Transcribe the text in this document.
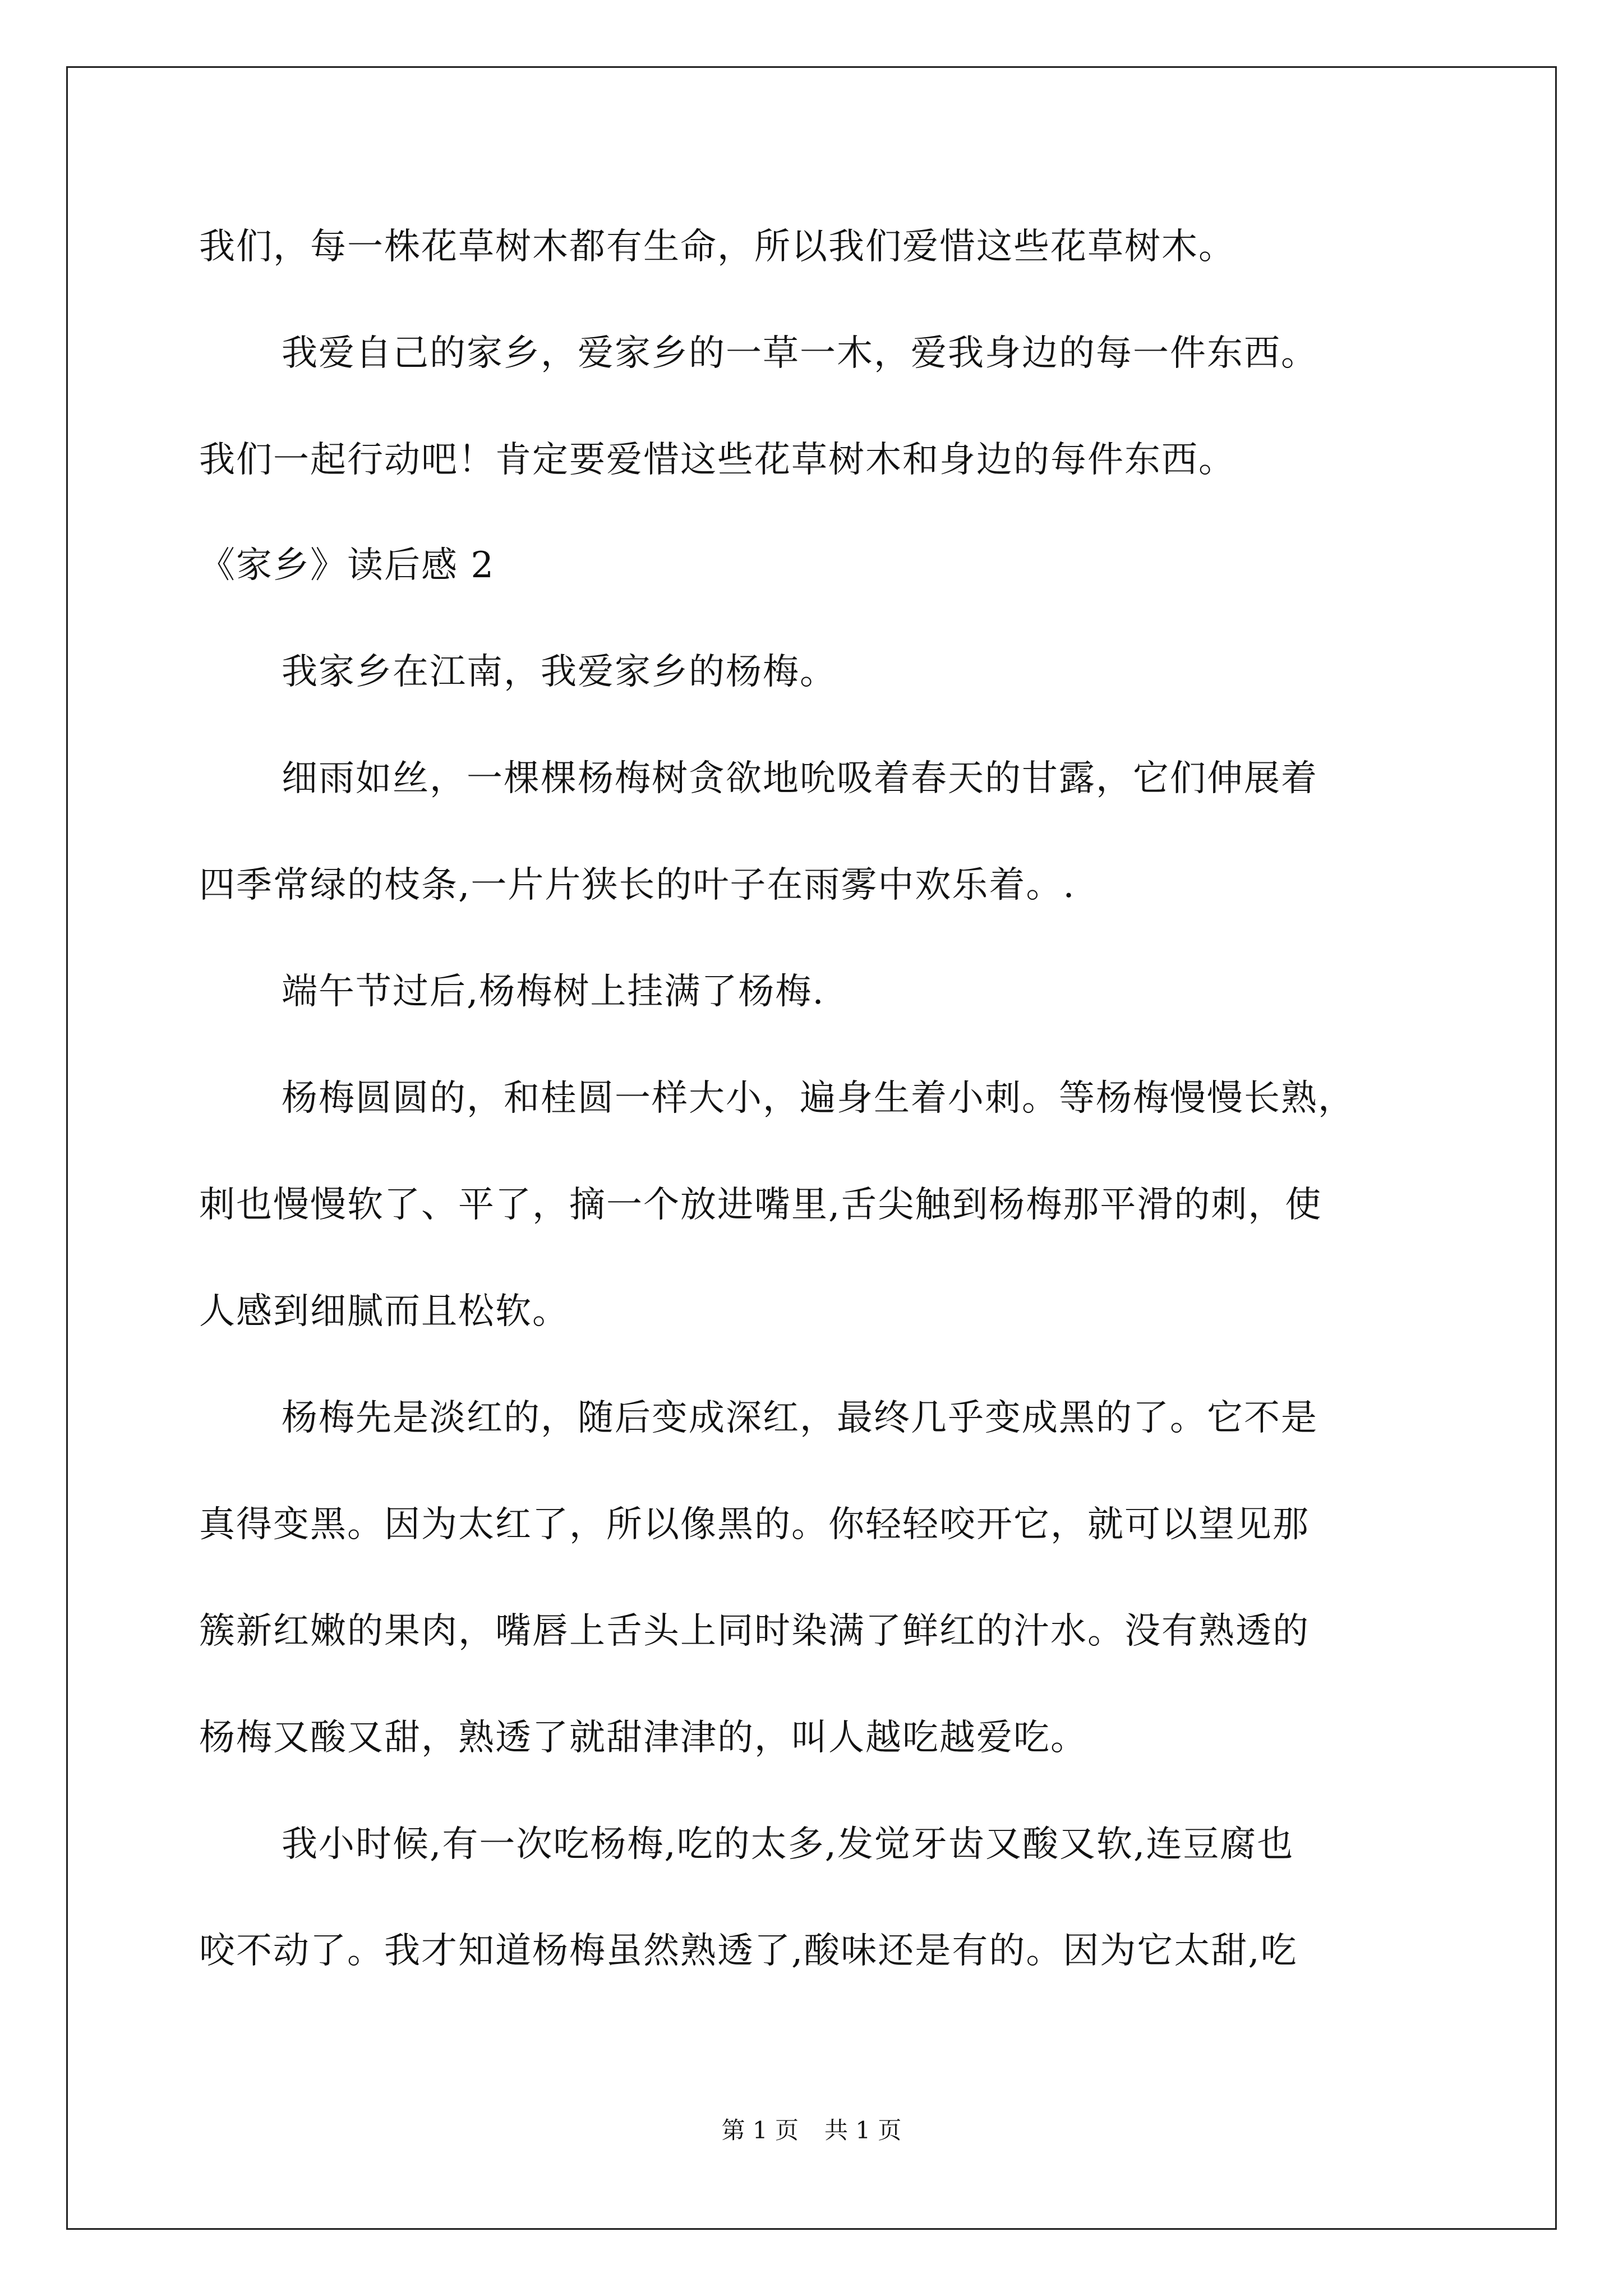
我们，每一株花草树木都有生命，所以我们爱惜这些花草树木。
我爱自己的家乡，爱家乡的一草一木，爱我身边的每一件东西。
我们一起行动吧！肯定要爱惜这些花草树木和身边的每件东西。
《家乡》读后感 2
我家乡在江南，我爱家乡的杨梅。
细雨如丝，一棵棵杨梅树贪欲地吮吸着春天的甘露，它们伸展着
四季常绿的枝条,一片片狭长的叶子在雨雾中欢乐着。.
端午节过后,杨梅树上挂满了杨梅.
杨梅圆圆的，和桂圆一样大小，遍身生着小刺。等杨梅慢慢长熟，
刺也慢慢软了、平了，摘一个放进嘴里,舌尖触到杨梅那平滑的刺，使
人感到细腻而且松软。
杨梅先是淡红的，随后变成深红，最终几乎变成黑的了。它不是
真得变黑。因为太红了，所以像黑的。你轻轻咬开它，就可以望见那
簇新红嫩的果肉，嘴唇上舌头上同时染满了鲜红的汁水。没有熟透的
杨梅又酸又甜，熟透了就甜津津的，叫人越吃越爱吃。
我小时候,有一次吃杨梅,吃的太多,发觉牙齿又酸又软,连豆腐也
咬不动了。我才知道杨梅虽然熟透了,酸味还是有的。因为它太甜,吃
第 1 页 共 1 页
